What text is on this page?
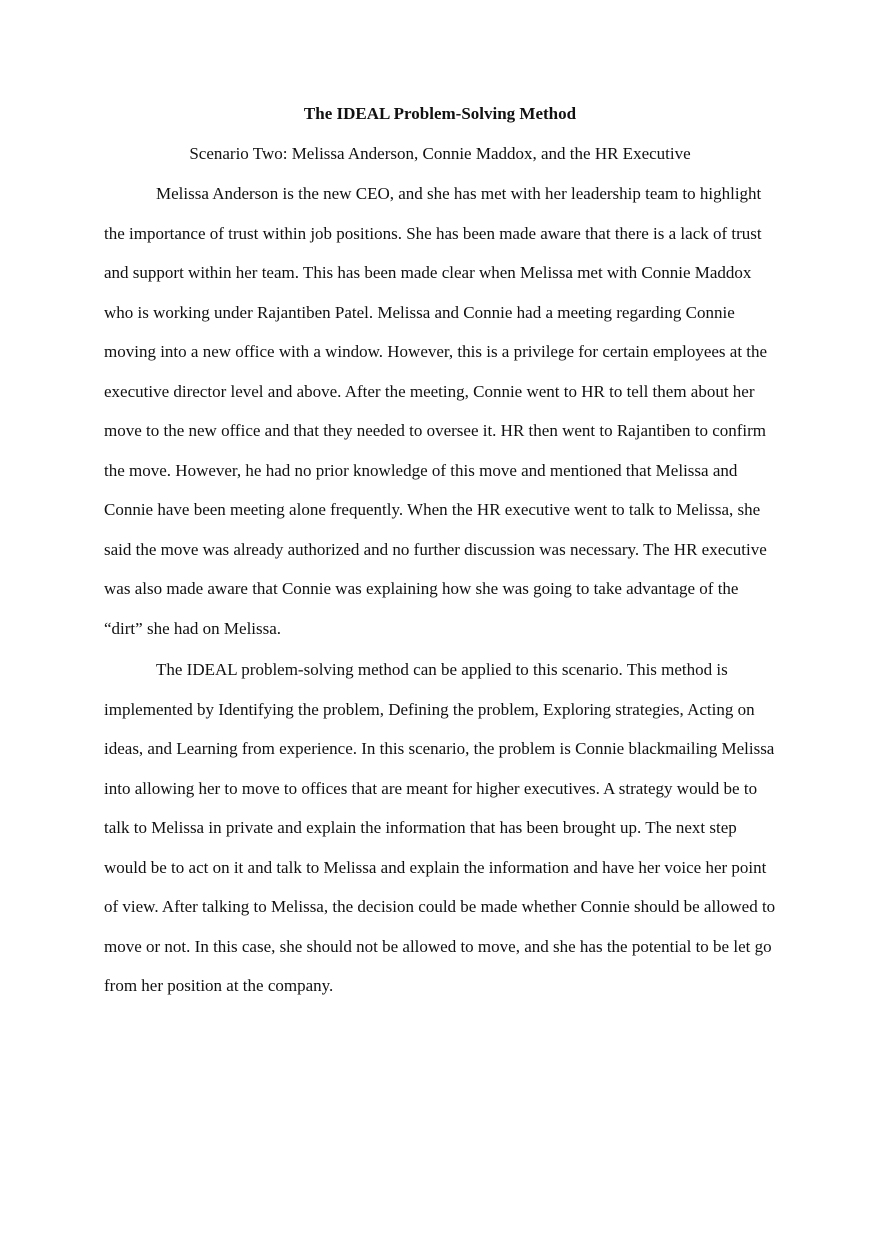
The IDEAL Problem-Solving Method

Scenario Two: Melissa Anderson, Connie Maddox, and the HR Executive

Melissa Anderson is the new CEO, and she has met with her leadership team to highlight the importance of trust within job positions. She has been made aware that there is a lack of trust and support within her team. This has been made clear when Melissa met with Connie Maddox who is working under Rajantiben Patel. Melissa and Connie had a meeting regarding Connie moving into a new office with a window. However, this is a privilege for certain employees at the executive director level and above. After the meeting, Connie went to HR to tell them about her move to the new office and that they needed to oversee it. HR then went to Rajantiben to confirm the move. However, he had no prior knowledge of this move and mentioned that Melissa and Connie have been meeting alone frequently. When the HR executive went to talk to Melissa, she said the move was already authorized and no further discussion was necessary. The HR executive was also made aware that Connie was explaining how she was going to take advantage of the “dirt” she had on Melissa.

The IDEAL problem-solving method can be applied to this scenario. This method is implemented by Identifying the problem, Defining the problem, Exploring strategies, Acting on ideas, and Learning from experience. In this scenario, the problem is Connie blackmailing Melissa into allowing her to move to offices that are meant for higher executives. A strategy would be to talk to Melissa in private and explain the information that has been brought up. The next step would be to act on it and talk to Melissa and explain the information and have her voice her point of view. After talking to Melissa, the decision could be made whether Connie should be allowed to move or not. In this case, she should not be allowed to move, and she has the potential to be let go from her position at the company.
